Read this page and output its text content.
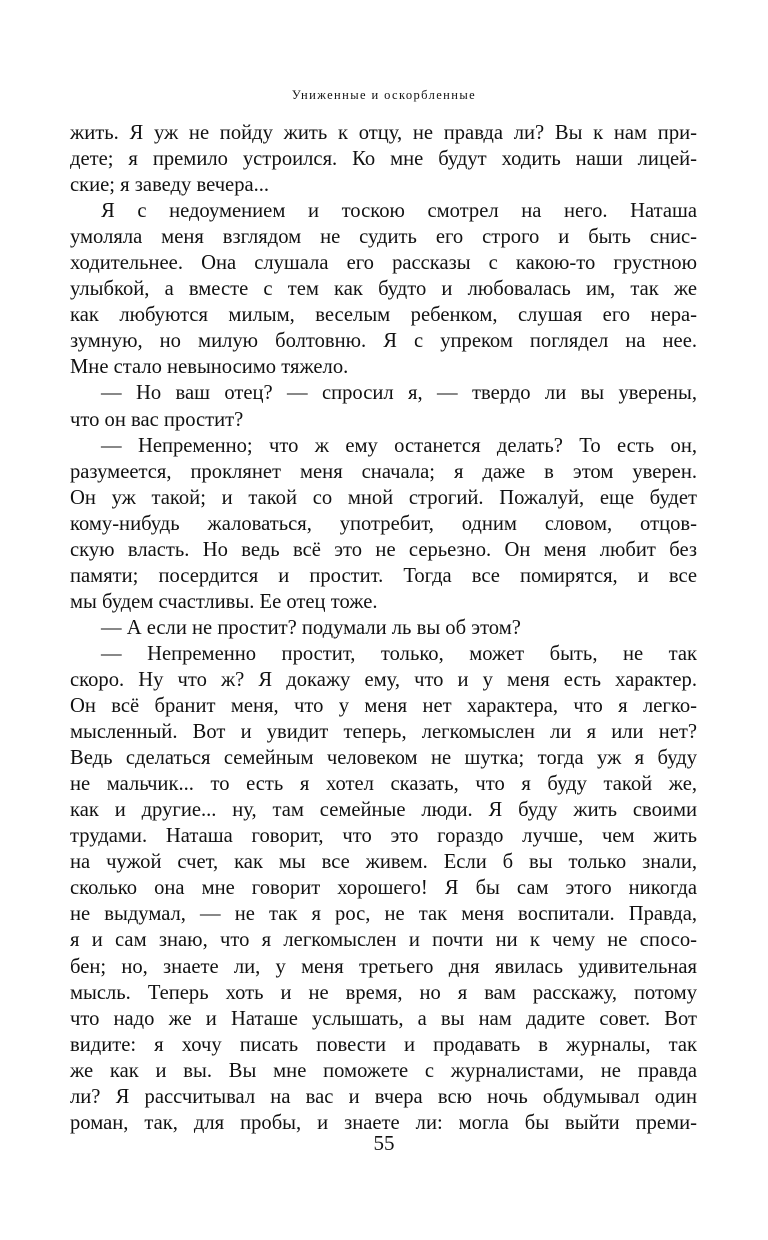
Униженные и оскорбленные
жить. Я уж не пойду жить к отцу, не правда ли? Вы к нам при-
дете; я премило устроился. Ко мне будут ходить наши лицей-
ские; я заведу вечера...
Я с недоумением и тоскою смотрел на него. Наташа
умоляла меня взглядом не судить его строго и быть снис-
ходительнее. Она слушала его рассказы с какою-то грустною
улыбкой, а вместе с тем как будто и любовалась им, так же
как любуются милым, веселым ребенком, слушая его нера-
зумную, но милую болтовню. Я с упреком поглядел на нее.
Мне стало невыносимо тяжело.
— Но ваш отец? — спросил я, — твердо ли вы уверены,
что он вас простит?
— Непременно; что ж ему останется делать? То есть он,
разумеется, проклянет меня сначала; я даже в этом уверен.
Он уж такой; и такой со мной строгий. Пожалуй, еще будет
кому-нибудь жаловаться, употребит, одним словом, отцов-
скую власть. Но ведь всё это не серьезно. Он меня любит без
памяти; посердится и простит. Тогда все помирятся, и все
мы будем счастливы. Ее отец тоже.
— А если не простит? подумали ль вы об этом?
— Непременно простит, только, может быть, не так
скоро. Ну что ж? Я докажу ему, что и у меня есть характер.
Он всё бранит меня, что у меня нет характера, что я легко-
мысленный. Вот и увидит теперь, легкомыслен ли я или нет?
Ведь сделаться семейным человеком не шутка; тогда уж я буду
не мальчик... то есть я хотел сказать, что я буду такой же,
как и другие... ну, там семейные люди. Я буду жить своими
трудами. Наташа говорит, что это гораздо лучше, чем жить
на чужой счет, как мы все живем. Если б вы только знали,
сколько она мне говорит хорошего! Я бы сам этого никогда
не выдумал, — не так я рос, не так меня воспитали. Правда,
я и сам знаю, что я легкомыслен и почти ни к чему не спосо-
бен; но, знаете ли, у меня третьего дня явилась удивительная
мысль. Теперь хоть и не время, но я вам расскажу, потому
что надо же и Наташе услышать, а вы нам дадите совет. Вот
видите: я хочу писать повести и продавать в журналы, так
же как и вы. Вы мне поможете с журналистами, не правда
ли? Я рассчитывал на вас и вчера всю ночь обдумывал один
роман, так, для пробы, и знаете ли: могла бы выйти преми-
55
